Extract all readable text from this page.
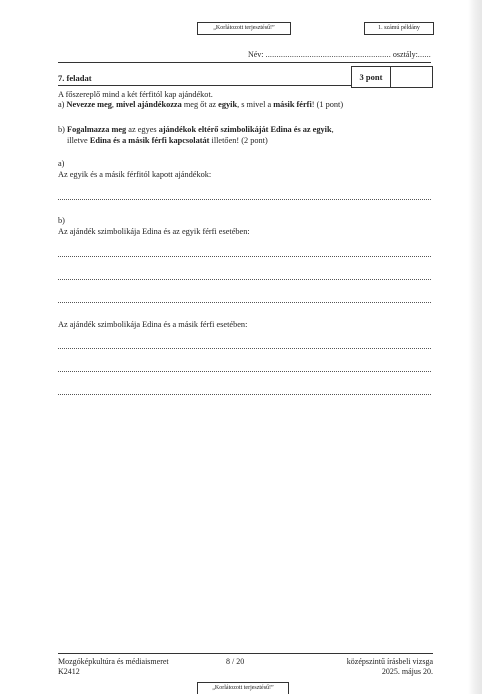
„Korlátozott terjesztésű!”	1. számú példány
Név: ......................................................... osztály:......
7. feladat	3 pont
A főszereplő mind a két férfitól kap ajándékot.
a) Nevezze meg, mivel ajándékozza meg őt az egyik, s mivel a másik férfi! (1 pont)
b) Fogalmazza meg az egyes ajándékok eltérő szimbolikáját Edina és az egyik,
illetve Edina és a másik férfi kapcsolatát illetően! (2 pont)
a)
Az egyik és a másik férfitól kapott ajándékok:
b)
Az ajándék szimbolikája Edina és az egyik férfi esetében:
Az ajándék szimbolikája Edina és a másik férfi esetében:
Mozgóképkultúra és médiaismeret
K2412
8 / 20	középszintű írásbeli vizsga
2025. május 20.
„Korlátozott terjesztésű!”
